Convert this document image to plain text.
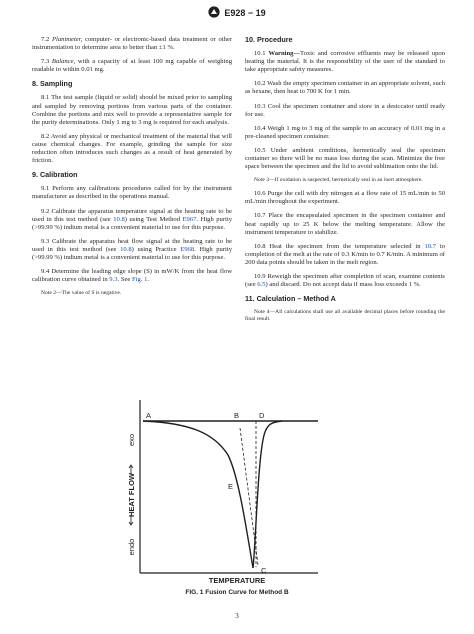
E928 − 19

7.2 Planimeter, computer- or electronic-based data treatment or other instrumentation to determine area to better than ±1 %.

7.3 Balance, with a capacity of at least 100 mg capable of weighing readable to within 0.01 mg.

8. Sampling

8.1 The test sample (liquid or solid) should be mixed prior to sampling and sampled by removing portions from various parts of the container. Combine the portions and mix well to provide a representative sample for the purity determinations. Only 1 mg to 3 mg is required for each analysis.

8.2 Avoid any physical or mechanical treatment of the material that will cause chemical changes. For example, grinding the sample for size reduction often introduces such changes as a result of heat generated by friction.

9. Calibration

9.1 Perform any calibrations procedures called for by the instrument manufacturer as described in the operations manual.

9.2 Calibrate the apparatus temperature signal at the heating rate to be used in this test method (see 10.8) using Test Method E967. High purity (>99.99 %) indium metal is a convenient material to use for this purpose.

9.3 Calibrate the apparatus heat flow signal at the heating rate to be used in this test method (see 10.8) using Practice E968. High purity (>99.99 %) indium metal is a convenient material to use for this purpose.

9.4 Determine the leading edge slope (S) in mW/K from the heat flow calibration curve obtained in 9.3. See Fig. 1.

Note 2—The value of S is negative.

10. Procedure

10.1 Warning—Toxic and corrosive effluents may be released upon heating the material. It is the responsibility of the user of the standard to take appropriate safety measures.

10.2 Wash the empty specimen container in an appropriate solvent, such as hexane, then heat to 700 K for 1 min.

10.3 Cool the specimen container and store in a desiccator until ready for use.

10.4 Weigh 1 mg to 3 mg of the sample to an accuracy of 0.01 mg in a pre-cleaned specimen container.

10.5 Under ambient conditions, hermetically seal the specimen container so there will be no mass loss during the scan. Minimize the free space between the specimen and the lid to avoid sublimation onto the lid.

Note 3—If oxidation is suspected, hermetically seal in an inert atmosphere.

10.6 Purge the cell with dry nitrogen at a flow rate of 15 mL/min to 50 mL/min throughout the experiment.

10.7 Place the encapsulated specimen in the specimen container and heat rapidly up to 25 K below the melting temperature. Allow the instrument temperature to stabilize.

10.8 Heat the specimen from the temperature selected in 10.7 to completion of the melt at the rate of 0.3 K/min to 0.7 K/min. A minimum of 200 data points should be taken in the melt region.

10.9 Reweigh the specimen after completion of scan, examine contents (see 6.5) and discard. Do not accept data if mass loss exceeds 1 %.

11. Calculation – Method A

Note 4—All calculations shall use all available decimal places before rounding the final result.

A	B	D
E
C
exo
endo
HEAT FLOW
TEMPERATURE
FIG. 1 Fusion Curve for Method B
3
